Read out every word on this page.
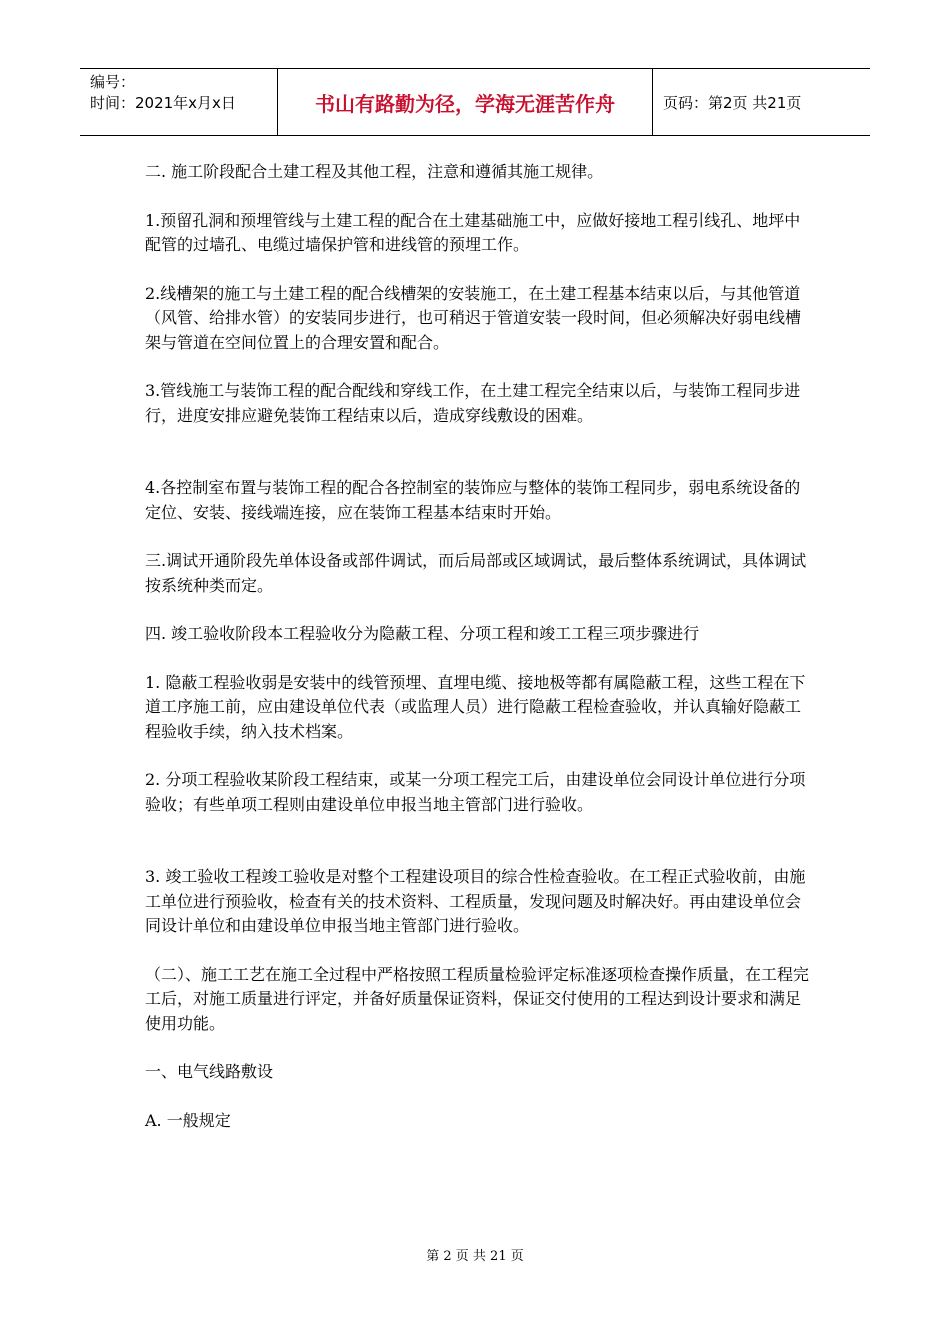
编号：
时间：2021年x月x日	书山有路勤为径，学海无涯苦作舟	页码：第2页 共21页

二. 施工阶段配合土建工程及其他工程，注意和遵循其施工规律。

1.预留孔洞和预埋管线与土建工程的配合在土建基础施工中，应做好接地工程引线孔、地坪中配管的过墙孔、电缆过墙保护管和进线管的预埋工作。

2.线槽架的施工与土建工程的配合线槽架的安装施工，在土建工程基本结束以后，与其他管道（风管、给排水管）的安装同步进行，也可稍迟于管道安装一段时间，但必须解决好弱电线槽架与管道在空间位置上的合理安置和配合。

3.管线施工与装饰工程的配合配线和穿线工作，在土建工程完全结束以后，与装饰工程同步进行，进度安排应避免装饰工程结束以后，造成穿线敷设的困难。

4.各控制室布置与装饰工程的配合各控制室的装饰应与整体的装饰工程同步，弱电系统设备的定位、安装、接线端连接，应在装饰工程基本结束时开始。

三.调试开通阶段先单体设备或部件调试，而后局部或区域调试，最后整体系统调试，具体调试按系统种类而定。

四. 竣工验收阶段本工程验收分为隐蔽工程、分项工程和竣工工程三项步骤进行

1. 隐蔽工程验收弱是安装中的线管预埋、直埋电缆、接地极等都有属隐蔽工程，这些工程在下道工序施工前，应由建设单位代表（或监理人员）进行隐蔽工程检查验收，并认真输好隐蔽工程验收手续，纳入技术档案。

2. 分项工程验收某阶段工程结束，或某一分项工程完工后，由建设单位会同设计单位进行分项验收；有些单项工程则由建设单位申报当地主管部门进行验收。

3. 竣工验收工程竣工验收是对整个工程建设项目的综合性检查验收。在工程正式验收前，由施工单位进行预验收，检查有关的技术资料、工程质量，发现问题及时解决好。再由建设单位会同设计单位和由建设单位申报当地主管部门进行验收。

（二）、施工工艺在施工全过程中严格按照工程质量检验评定标准逐项检查操作质量，在工程完工后，对施工质量进行评定，并备好质量保证资料，保证交付使用的工程达到设计要求和满足使用功能。

一、电气线路敷设

A. 一般规定

第 2 页 共 21 页
